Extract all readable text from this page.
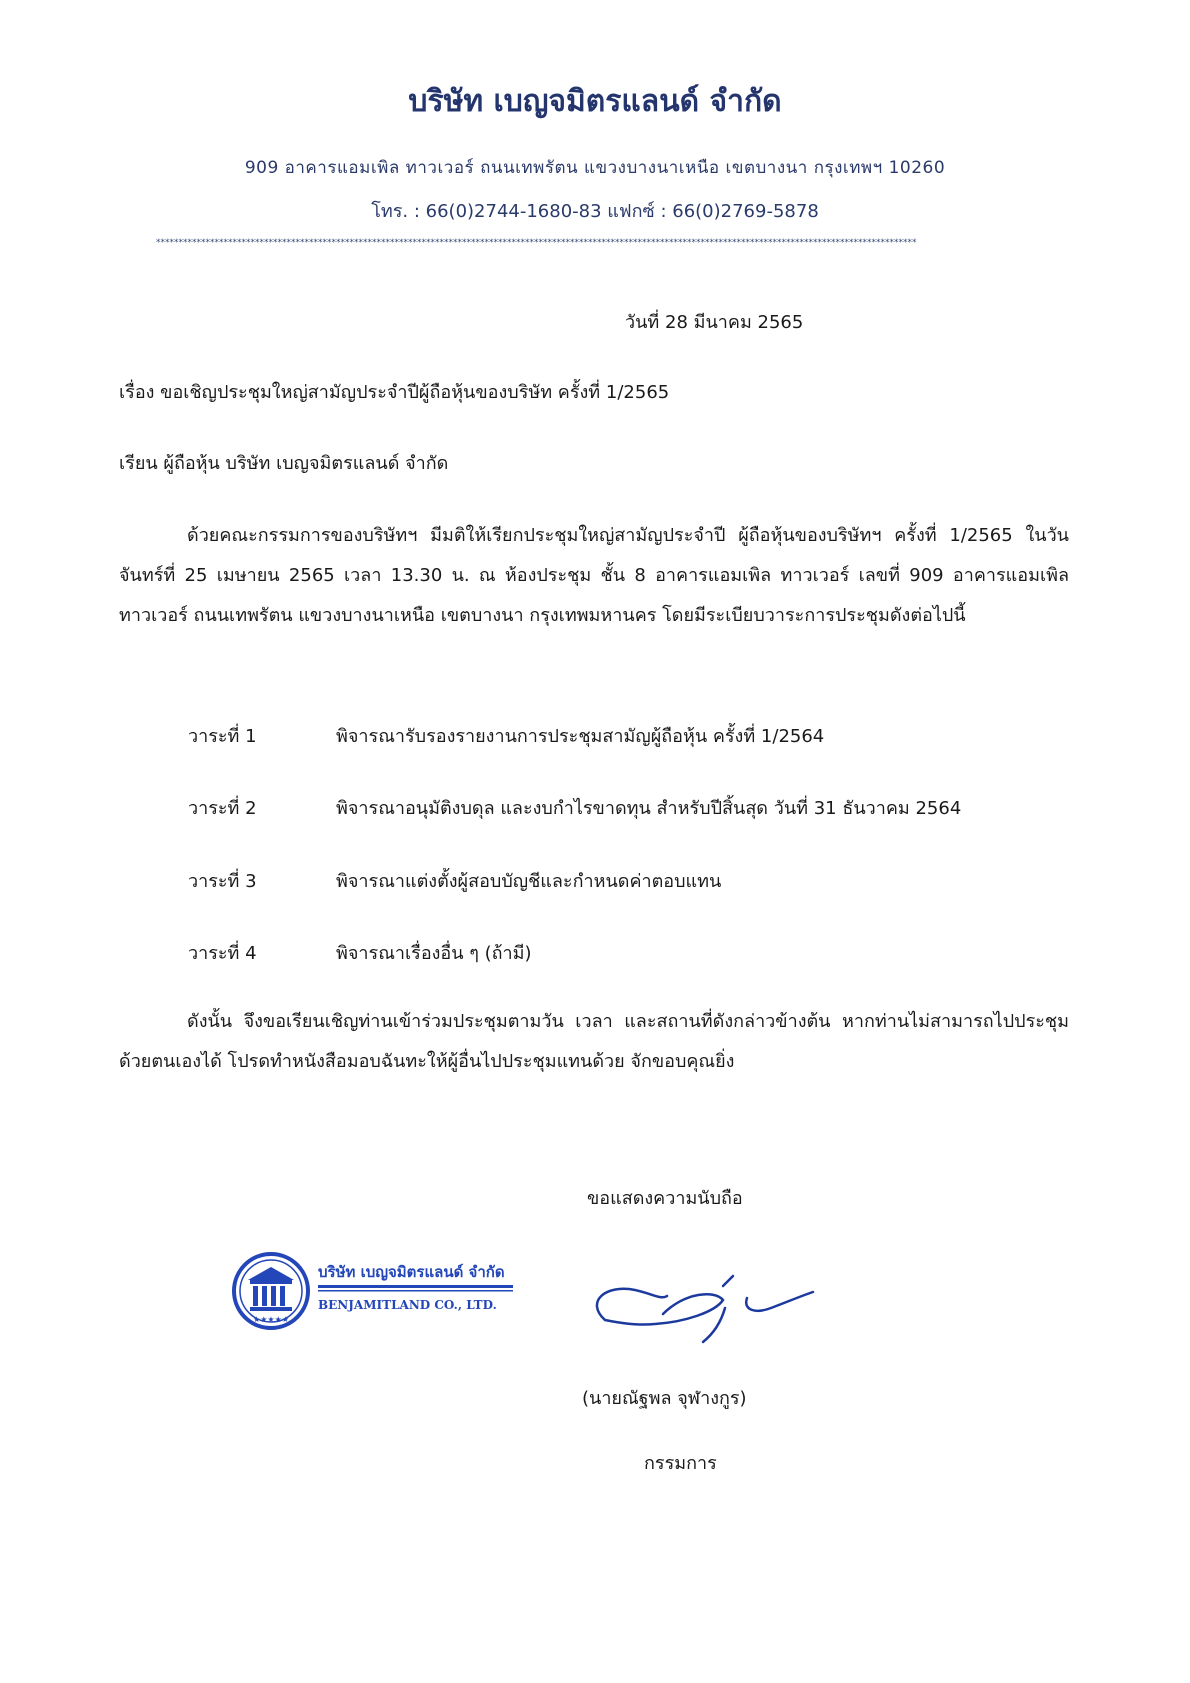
บริษัท เบญจมิตรแลนด์ จำกัด
909 อาคารแอมเพิล ทาวเวอร์ ถนนเทพรัตน แขวงบางนาเหนือ เขตบางนา กรุงเทพฯ 10260
โทร. : 66(0)2744-1680-83 แฟกซ์ : 66(0)2769-5878
*************************************************************************************************************************************************************************
วันที่ 28 มีนาคม 2565
เรื่อง ขอเชิญประชุมใหญ่สามัญประจำปีผู้ถือหุ้นของบริษัท ครั้งที่ 1/2565
เรียน ผู้ถือหุ้น บริษัท เบญจมิตรแลนด์ จำกัด
ด้วยคณะกรรมการของบริษัทฯ มีมติให้เรียกประชุมใหญ่สามัญประจำปี ผู้ถือหุ้นของบริษัทฯ ครั้งที่ 1/2565 ในวันจันทร์ที่ 25 เมษายน 2565 เวลา 13.30 น. ณ ห้องประชุม ชั้น 8 อาคารแอมเพิล ทาวเวอร์ เลขที่ 909 อาคารแอมเพิลทาวเวอร์ ถนนเทพรัตน แขวงบางนาเหนือ เขตบางนา กรุงเทพมหานคร โดยมีระเบียบวาระการประชุมดังต่อไปนี้
วาระที่ 1	พิจารณารับรองรายงานการประชุมสามัญผู้ถือหุ้น ครั้งที่ 1/2564
วาระที่ 2	พิจารณาอนุมัติงบดุล และงบกำไรขาดทุน สำหรับปีสิ้นสุด วันที่ 31 ธันวาคม 2564
วาระที่ 3	พิจารณาแต่งตั้งผู้สอบบัญชีและกำหนดค่าตอบแทน
วาระที่ 4	พิจารณาเรื่องอื่น ๆ (ถ้ามี)
ดังนั้น จึงขอเรียนเชิญท่านเข้าร่วมประชุมตามวัน เวลา และสถานที่ดังกล่าวข้างต้น หากท่านไม่สามารถไปประชุมด้วยตนเองได้ โปรดทำหนังสือมอบฉันทะให้ผู้อื่นไปประชุมแทนด้วย จักขอบคุณยิ่ง
ขอแสดงความนับถือ
★★★★★
บริษัท เบญจมิตรแลนด์ จำกัด
BENJAMITLAND CO., LTD.
(นายณัฐพล จุฬางกูร)
กรรมการ
